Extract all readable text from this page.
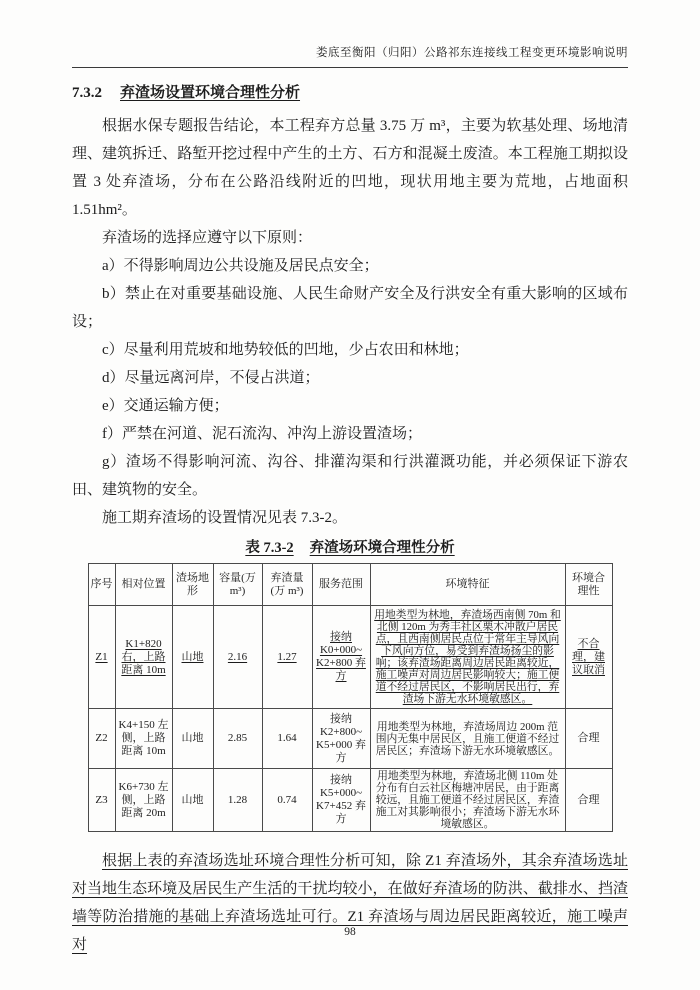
娄底至衡阳（归阳）公路祁东连接线工程变更环境影响说明
7.3.2 弃渣场设置环境合理性分析

根据水保专题报告结论，本工程弃方总量 3.75 万 m³，主要为软基处理、场地清理、建筑拆迁、路堑开挖过程中产生的土方、石方和混凝土废渣。本工程施工期拟设置 3 处弃渣场，分布在公路沿线附近的凹地，现状用地主要为荒地，占地面积1.51hm²。

弃渣场的选择应遵守以下原则：

a）不得影响周边公共设施及居民点安全；

b）禁止在对重要基础设施、人民生命财产安全及行洪安全有重大影响的区域布设；

c）尽量利用荒坡和地势较低的凹地，少占农田和林地；

d）尽量远离河岸，不侵占洪道；

e）交通运输方便；

f）严禁在河道、泥石流沟、冲沟上游设置渣场；

g）渣场不得影响河流、沟谷、排灌沟渠和行洪灌溉功能，并必须保证下游农田、建筑物的安全。

施工期弃渣场的设置情况见表 7.3-2。

表 7.3-2 弃渣场环境合理性分析
序号	相对位置	渣场地形	容量(万 m³)	弃渣量 (万 m³)	服务范围	环境特征	环境合理性
Z1	K1+820 右，上路 距离 10m	山地	2.16	1.27	接纳 K0+000~ K2+800 弃方	用地类型为林地，弃渣场西南侧 70m 和北侧 120m 为秀丰社区栗木冲散户居民点，且西南侧居民点位于常年主导风向下风向方位，易受到弃渣场扬尘的影响；该弃渣场距离周边居民距离较近，施工噪声对周边居民影响较大；施工便道不经过居民区，不影响居民出行，弃渣场下游无水环境敏感区。	不合理，建议取消
Z2	K4+150 左侧，上路 距离 10m	山地	2.85	1.64	接纳 K2+800~ K5+000 弃方	用地类型为林地，弃渣场周边 200m 范围内无集中居民区，且施工便道不经过居民区；弃渣场下游无水环境敏感区。	合理
Z3	K6+730 左侧，上路 距离 20m	山地	1.28	0.74	接纳 K5+000~ K7+452 弃方	用地类型为林地，弃渣场北侧 110m 处分布有白云社区梅塘冲居民，由于距离较远，且施工便道不经过居民区，弃渣施工对其影响很小；弃渣场下游无水环境敏感区。	合理

根据上表的弃渣场选址环境合理性分析可知，除 Z1 弃渣场外，其余弃渣场选址对当地生态环境及居民生产生活的干扰均较小，在做好弃渣场的防洪、截排水、挡渣墙等防治措施的基础上弃渣场选址可行。Z1 弃渣场与周边居民距离较近，施工噪声对

98
